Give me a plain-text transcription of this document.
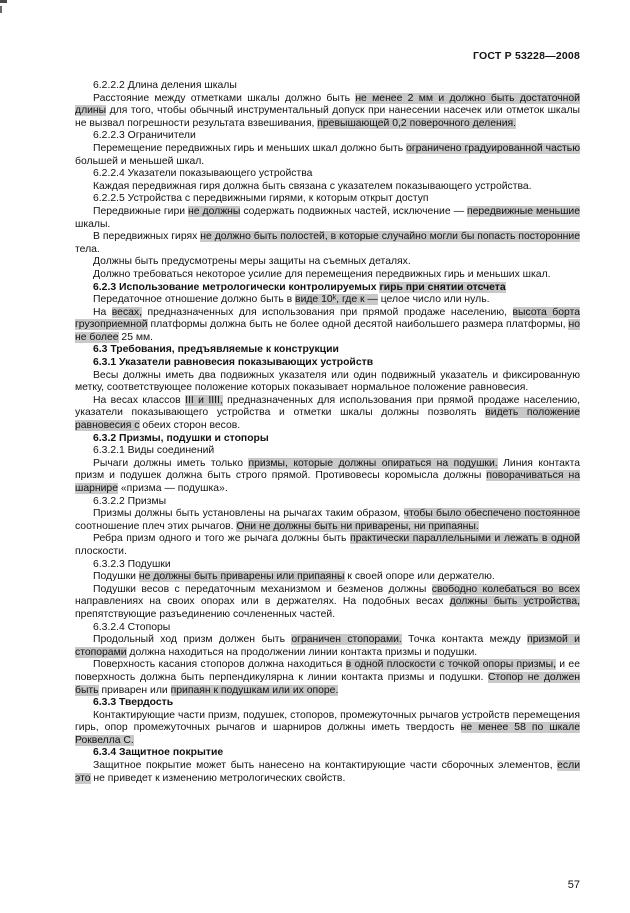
ГОСТ Р 53228—2008

6.2.2.2 Длина деления шкалы

Расстояние между отметками шкалы должно быть не менее 2 мм и должно быть достаточной длины для того, чтобы обычный инструментальный допуск при нанесении насечек или отметок шкалы не вызвал погрешности результата взвешивания, превышающей 0,2 поверочного деления.

6.2.2.3 Ограничители

Перемещение передвижных гирь и меньших шкал должно быть ограничено градуированной частью большей и меньшей шкал.

6.2.2.4 Указатели показывающего устройства

Каждая передвижная гиря должна быть связана с указателем показывающего устройства.

6.2.2.5 Устройства с передвижными гирями, к которым открыт доступ

Передвижные гири не должны содержать подвижных частей, исключение — передвижные меньшие шкалы.

В передвижных гирях не должно быть полостей, в которые случайно могли бы попасть посторонние тела.

Должны быть предусмотрены меры защиты на съемных деталях.

Должно требоваться некоторое усилие для перемещения передвижных гирь и меньших шкал.

6.2.3 Использование метрологически контролируемых гирь при снятии отсчета

Передаточное отношение должно быть в виде 10ᵏ, где к — целое число или нуль.

На весах, предназначенных для использования при прямой продаже населению, высота борта грузоприемной платформы должна быть не более одной десятой наибольшего размера платформы, но не более 25 мм.

6.3 Требования, предъявляемые к конструкции

6.3.1 Указатели равновесия показывающих устройств

Весы должны иметь два подвижных указателя или один подвижный указатель и фиксированную метку, соответствующее положение которых показывает нормальное положение равновесия.

На весах классов III и IIII, предназначенных для использования при прямой продаже населению, указатели показывающего устройства и отметки шкалы должны позволять видеть положение равновесия с обеих сторон весов.

6.3.2 Призмы, подушки и стопоры

6.3.2.1 Виды соединений

Рычаги должны иметь только призмы, которые должны опираться на подушки. Линия контакта призм и подушек должна быть строго прямой. Противовесы коромысла должны поворачиваться на шарнире «призма — подушка».

6.3.2.2 Призмы

Призмы должны быть установлены на рычагах таким образом, чтобы было обеспечено постоянное соотношение плеч этих рычагов. Они не должны быть ни приварены, ни припаяны.

Ребра призм одного и того же рычага должны быть практически параллельными и лежать в одной плоскости.

6.3.2.3 Подушки

Подушки не должны быть приварены или припаяны к своей опоре или держателю.

Подушки весов с передаточным механизмом и безменов должны свободно колебаться во всех направлениях на своих опорах или в держателях. На подобных весах должны быть устройства, препятствующие разъединению сочлененных частей.

6.3.2.4 Стопоры

Продольный ход призм должен быть ограничен стопорами. Точка контакта между призмой и стопорами должна находиться на продолжении линии контакта призмы и подушки.

Поверхность касания стопоров должна находиться в одной плоскости с точкой опоры призмы, и ее поверхность должна быть перпендикулярна к линии контакта призмы и подушки. Стопор не должен быть приварен или припаян к подушкам или их опоре.

6.3.3 Твердость

Контактирующие части призм, подушек, стопоров, промежуточных рычагов устройств перемещения гирь, опор промежуточных рычагов и шарниров должны иметь твердость не менее 58 по шкале Роквелла С.

6.3.4 Защитное покрытие

Защитное покрытие может быть нанесено на контактирующие части сборочных элементов, если это не приведет к изменению метрологических свойств.

57
